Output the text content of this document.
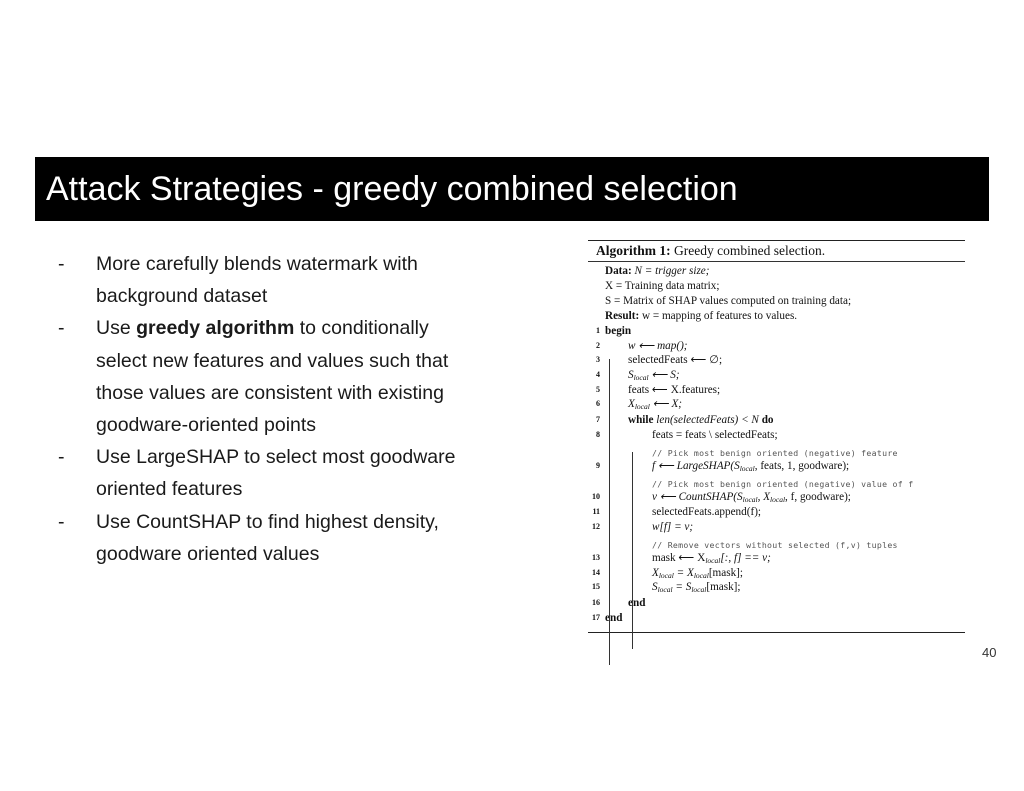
Attack Strategies - greedy combined selection
- More carefully blends watermark with
background dataset
- Use greedy algorithm to conditionally
select new features and values such that
those values are consistent with existing
goodware-oriented points
- Use LargeSHAP to select most goodware
oriented features
- Use CountSHAP to find highest density,
goodware oriented values
Algorithm 1: Greedy combined selection.
Data: N = trigger size;
X = Training data matrix;
S = Matrix of SHAP values computed on training data;
Result: w = mapping of features to values.
1 begin
2	w ⟵ map();
3	selectedFeats ⟵ ∅;
4	$S_{local}$ ⟵ S;
5	feats ⟵ X.features;
6	$X_{local}$ ⟵ X;
7	while len(selectedFeats) < N do
8	feats = feats \ selectedFeats;
// Pick most benign oriented (negative) feature
9	f ⟵ $LargeSHAP(S_{local}$, feats, 1, goodware);
// Pick most benign oriented (negative) value of f
10	v ⟵ $CountSHAP(S_{local}$, $X_{local}$, f, goodware);
11	selectedFeats.append(f);
12	w[f] = v;
// Remove vectors without selected (f,v) tuples
13	mask ⟵ $X_{local}$[:, f] == v;
14	$X_{local}$ = $X_{local}[mask]$;
15	$S_{local}$ = $S_{local}[mask]$;
16	end
17 end
40
